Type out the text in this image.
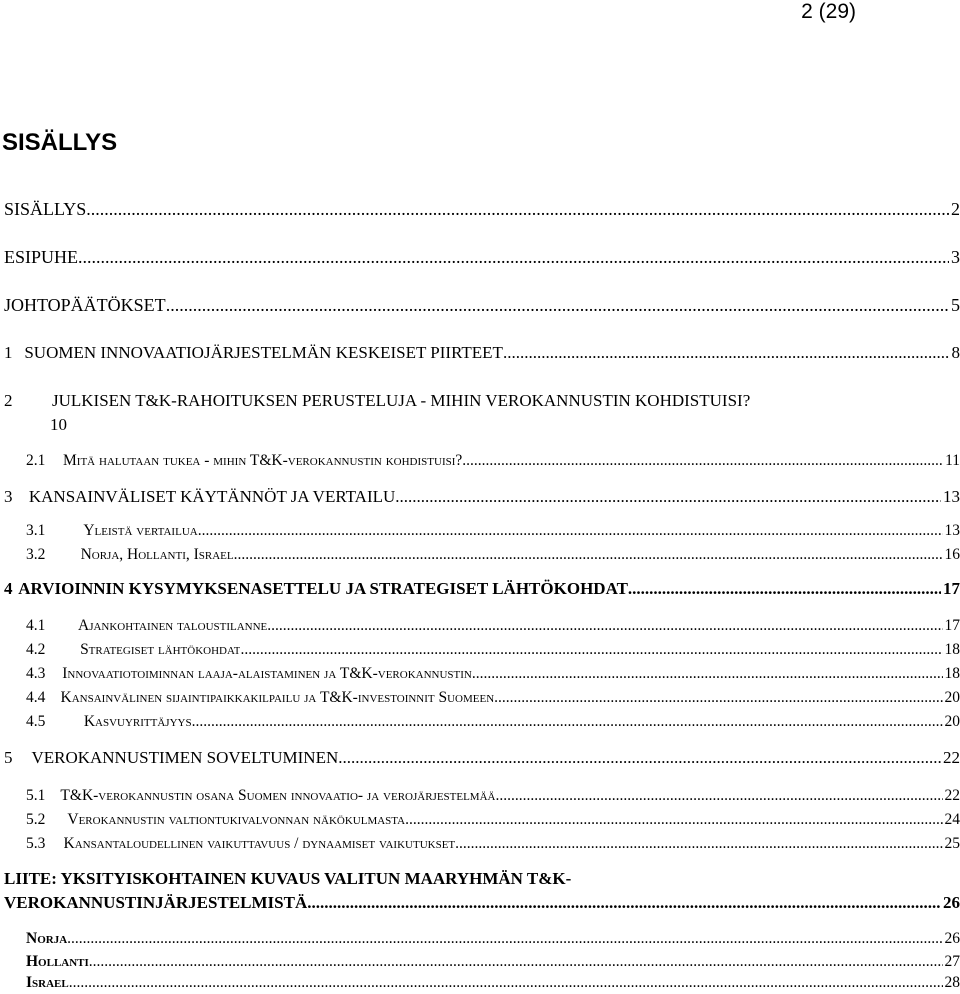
2 (29)
SISÄLLYS
SISÄLLYS .....	2
ESIPUHE .....	3
JOHTOPÄÄTÖKSET .....	5
1 SUOMEN INNOVAATIOJÄRJESTELMÄN KESKEISET PIIRTEET .....	8
2	JULKISEN T&K-RAHOITUKSEN PERUSTELUJA - MIHIN VEROKANNUSTIN KOHDISTUISI?
10
2.1	Mitä halutaan tukea - mihin T&K-verokannustin kohdistuisi? .....	11
3 KANSAINVÄLISET KÄYTÄNNÖT JA VERTAILU .....	13
3.1	Yleistä vertailua .....	13
3.2	Norja, Hollanti, Israel .....	16
4 ARVIOINNIN KYSYMYKSENASETTELU JA STRATEGISET LÄHTÖKOHDAT .....	17
4.1	Ajankohtainen taloustilanne .....	17
4.2	Strategiset lähtökohdat .....	18
4.3	Innovaatiotoiminnan laaja-alaistaminen ja T&K-verokannustin .....	18
4.4 Kansainvälinen sijaintipaikkakilpailu ja T&K-investoinnit Suomeen .....	20
4.5	Kasvuyrittäjyys .....	20
5	VEROKANNUSTIMEN SOVELTUMINEN .....	22
5.1 T&K-verokannustin osana Suomen innovaatio- ja verojärjestelmää .....	22
5.2	Verokannustin valtiontukivalvonnan näkökulmasta .....	24
5.3	Kansantaloudellinen vaikuttavuus / dynaamiset vaikutukset .....	25
LIITE: YKSITYISKOHTAINEN KUVAUS VALITUN MAARYHMÄN T&K-
VEROKANNUSTINJÄRJESTELMISTÄ .....	26
Norja .....	26
Hollanti .....	27
Israel .....	28
